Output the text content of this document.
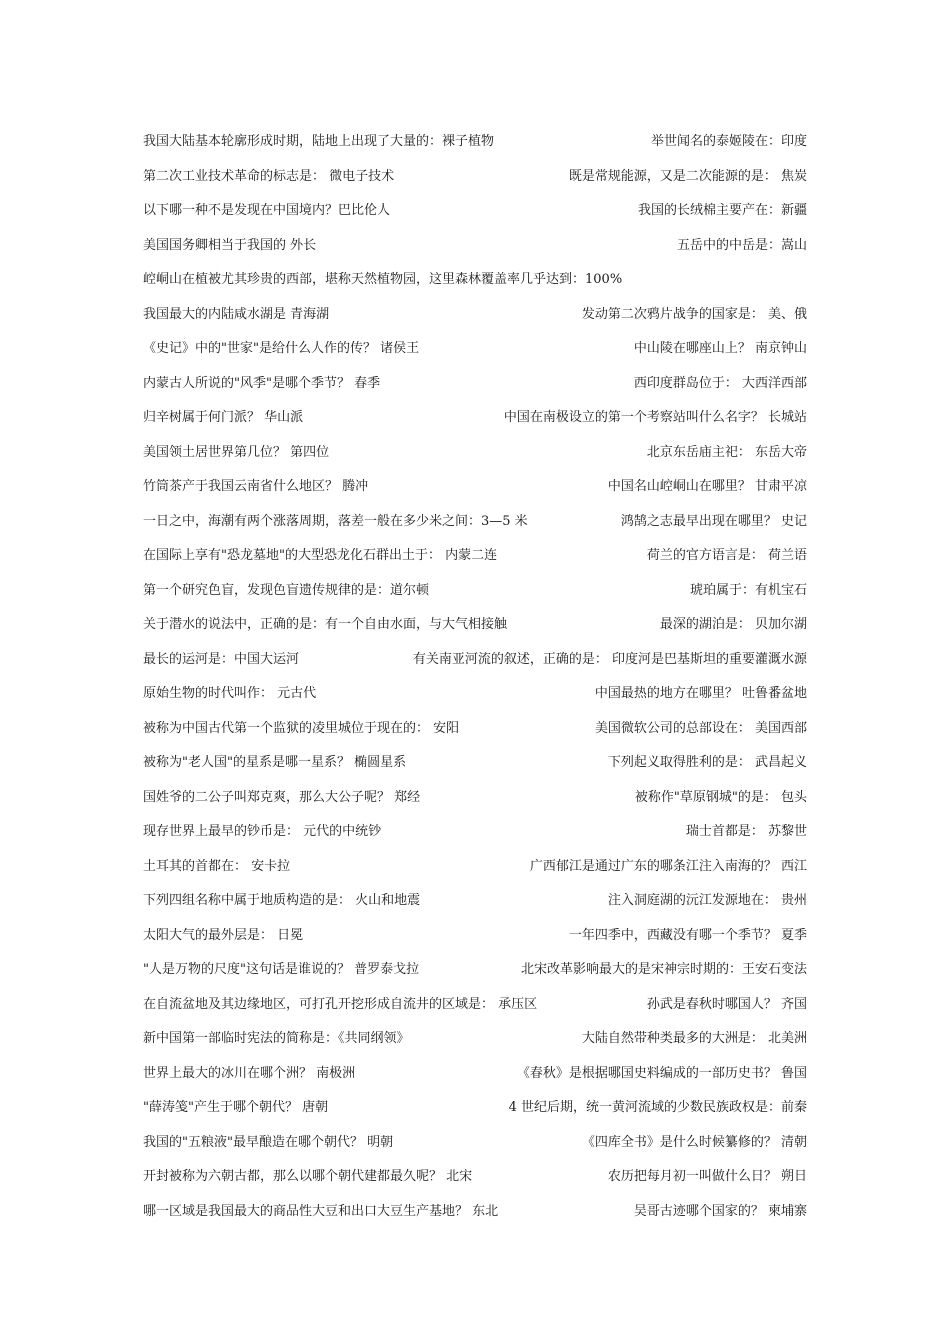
我国大陆基本轮廓形成时期，陆地上出现了大量的：裸子植物	举世闻名的泰姬陵在：印度
第二次工业技术革命的标志是： 微电子技术	既是常规能源，又是二次能源的是： 焦炭
以下哪一种不是发现在中国境内？巴比伦人	我国的长绒棉主要产在：新疆
美国国务卿相当于我国的 外长	五岳中的中岳是：嵩山
崆峒山在植被尤其珍贵的西部，堪称天然植物园，这里森林覆盖率几乎达到：100%
我国最大的内陆咸水湖是 青海湖	发动第二次鸦片战争的国家是： 美、俄
《史记》中的"世家"是给什么人作的传？ 诸侯王	中山陵在哪座山上？ 南京钟山
内蒙古人所说的"风季"是哪个季节？ 春季	西印度群岛位于： 大西洋西部
归辛树属于何门派？ 华山派	中国在南极设立的第一个考察站叫什么名字？ 长城站
美国领土居世界第几位？ 第四位	北京东岳庙主祀： 东岳大帝
竹筒茶产于我国云南省什么地区？ 腾冲	中国名山崆峒山在哪里？ 甘肃平凉
一日之中，海潮有两个涨落周期，落差一般在多少米之间：3—5 米	鸿鹄之志最早出现在哪里？ 史记
在国际上享有"恐龙墓地"的大型恐龙化石群出土于： 内蒙二连	荷兰的官方语言是： 荷兰语
第一个研究色盲，发现色盲遗传规律的是：道尔顿	琥珀属于：有机宝石
关于潜水的说法中，正确的是：有一个自由水面，与大气相接触	最深的湖泊是： 贝加尔湖
最长的运河是：中国大运河	有关南亚河流的叙述，正确的是： 印度河是巴基斯坦的重要灌溉水源
原始生物的时代叫作： 元古代	中国最热的地方在哪里？ 吐鲁番盆地
被称为中国古代第一个监狱的凌里城位于现在的： 安阳	美国微软公司的总部设在： 美国西部
被称为"老人国"的星系是哪一星系？ 椭圆星系	下列起义取得胜利的是： 武昌起义
国姓爷的二公子叫郑克爽，那么大公子呢？ 郑经	被称作"草原钢城"的是： 包头
现存世界上最早的钞币是： 元代的中统钞	瑞士首都是： 苏黎世
土耳其的首都在： 安卡拉	广西郁江是通过广东的哪条江注入南海的？ 西江
下列四组名称中属于地质构造的是： 火山和地震	注入洞庭湖的沅江发源地在： 贵州
太阳大气的最外层是： 日冕	一年四季中，西藏没有哪一个季节？ 夏季
"人是万物的尺度"这句话是谁说的？ 普罗泰戈拉	北宋改革影响最大的是宋神宗时期的：王安石变法
在自流盆地及其边缘地区，可打孔开挖形成自流井的区域是： 承压区	孙武是春秋时哪国人？ 齐国
新中国第一部临时宪法的简称是：《共同纲领》	大陆自然带种类最多的大洲是： 北美洲
世界上最大的冰川在哪个洲？ 南极洲	《春秋》是根据哪国史料编成的一部历史书？ 鲁国
"薛涛笺"产生于哪个朝代？ 唐朝	4 世纪后期，统一黄河流域的少数民族政权是：前秦
我国的"五粮液"最早酿造在哪个朝代？ 明朝	《四库全书》是什么时候纂修的？ 清朝
开封被称为六朝古都，那么以哪个朝代建都最久呢？ 北宋	农历把每月初一叫做什么日？ 朔日
哪一区域是我国最大的商品性大豆和出口大豆生产基地？ 东北	吴哥古迹哪个国家的？ 柬埔寨
